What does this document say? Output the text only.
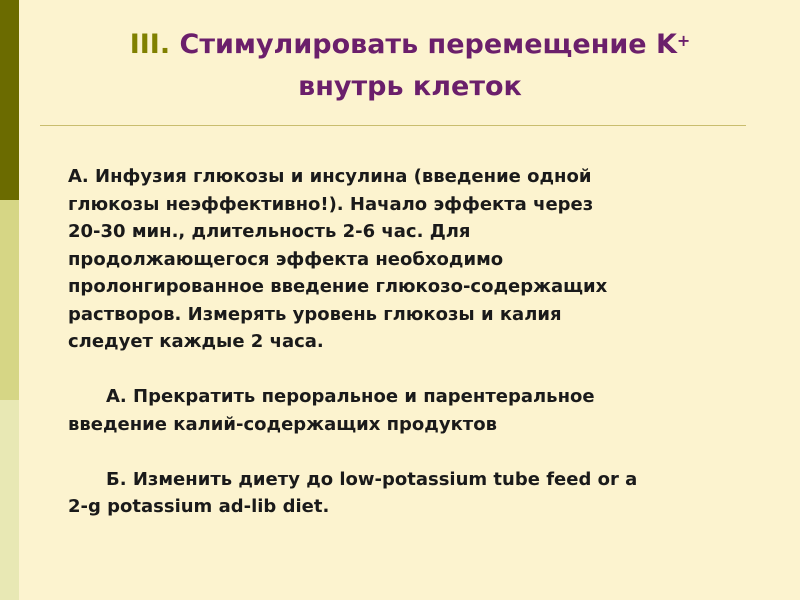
III. Стимулировать перемещение K+
внутрь клеток

А. Инфузия глюкозы и инсулина (введение одной

глюкозы неэффективно!). Начало эффекта через

20-30 мин., длительность 2-6 час. Для

продолжающегося эффекта необходимо

пролонгированное введение глюкозо-содержащих

растворов. Измерять уровень глюкозы и калия

следует каждые 2 часа.

А. Прекратить пероральное и парентеральное

введение калий-содержащих продуктов

Б. Изменить диету до low-potassium tube feed or a

2-g potassium ad-lib diet.
